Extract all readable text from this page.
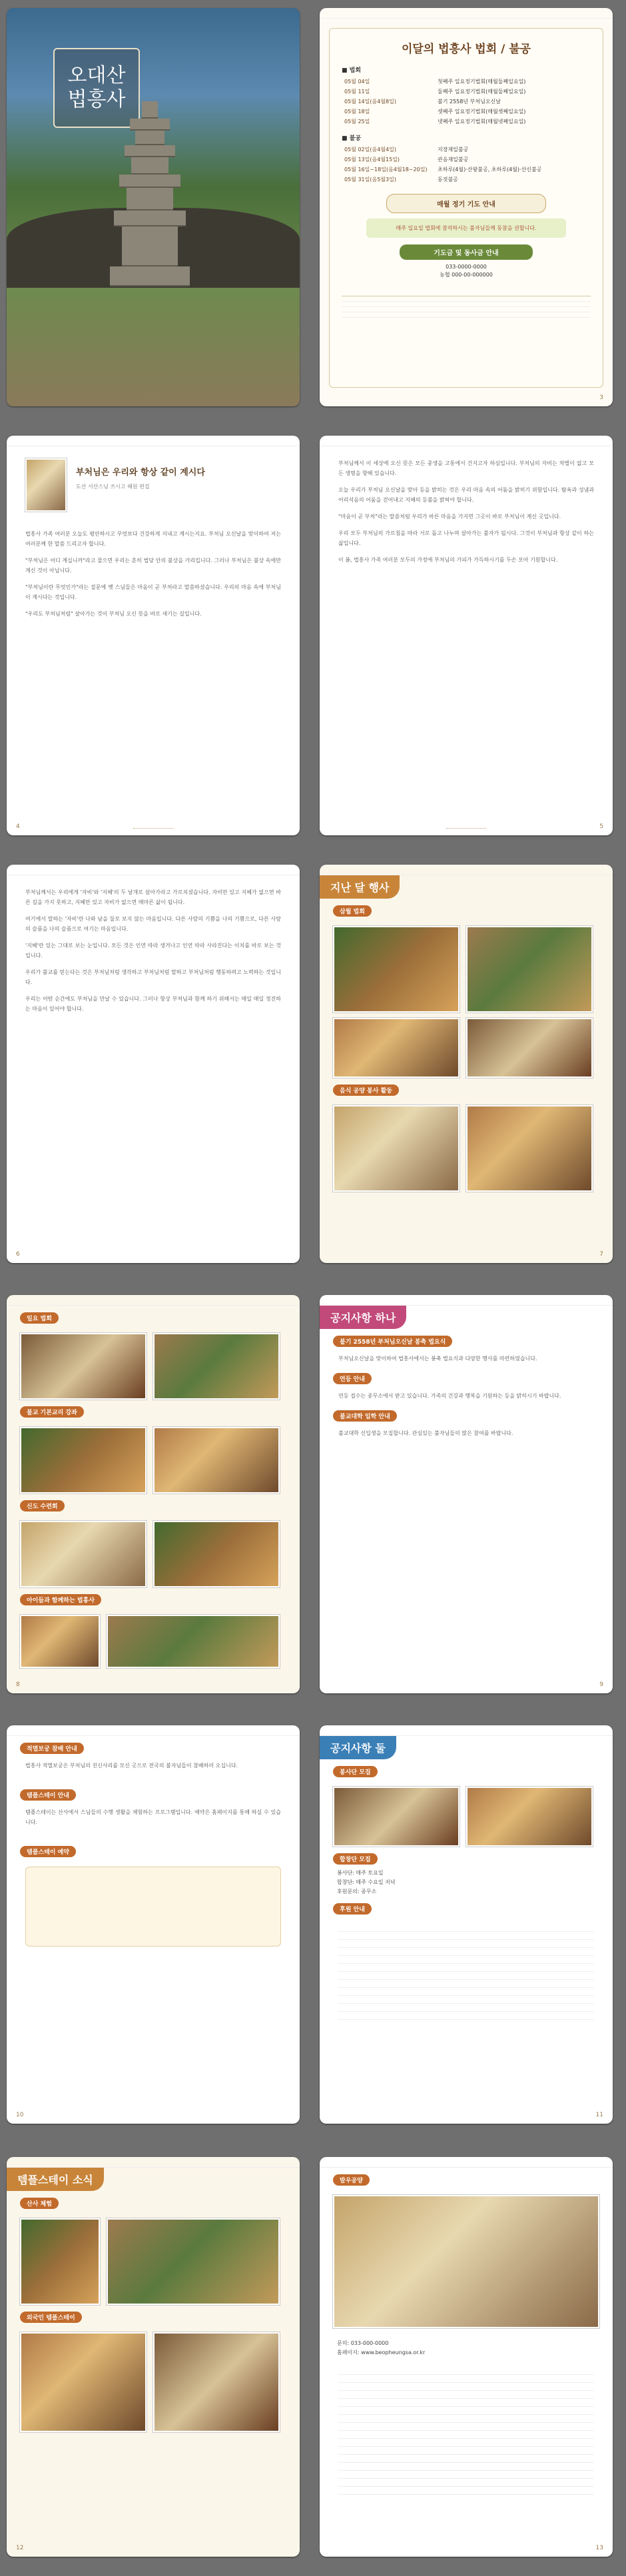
오대산
법흥사
이달의 법흥사 법회 / 불공
■ 법회
05월 04일	첫째주 일요정기법회(매월둘째일요일)
05월 11일	둘째주 일요정기법회(매월둘째일요일)
05월 14일(음4월8일)	불기 2558년 부처님오신날
05월 18일	셋째주 일요정기법회(매월셋째일요일)
05월 25일	넷째주 일요정기법회(매월넷째일요일)
■ 불공
05월 02일(음4월4일)	지장재일불공
05월 13일(음4월15일)	관음재일불공
05월 16일~18일(음4월18~20일)	초하루(4월)·산왕불공, 초하루(4월)·산신불공
05월 31일(음5월3일)	동짓불공
매월 정기 기도 안내
매주 일요일 법회에 참석하시는 불자님들께 동참을 권합니다.
기도금 및 동사금 안내
033-0000-0000
농협 000-00-000000
3
부처님은 우리와 항상 같이 계시다
도산 서산스님 쓰시고 혜원 편집

법흥사 가족 여러분 오늘도 평안하시고 무엇보다 건강하게 지내고 계시는지요. 부처님 오신날을 맞이하여 저는 여러분께 한 말씀 드리고자 합니다.

"부처님은 어디 계십니까"라고 물으면 우리는 흔히 법당 안의 불상을 가리킵니다. 그러나 부처님은 불상 속에만 계신 것이 아닙니다.

"부처님이란 무엇인가"라는 질문에 옛 스님들은 마음이 곧 부처라고 말씀하셨습니다. 우리의 마음 속에 부처님이 계시다는 것입니다.

"우리도 부처님처럼" 살아가는 것이 부처님 오신 뜻을 바로 새기는 길입니다.

4

부처님께서 이 세상에 오신 뜻은 모든 중생을 고통에서 건지고자 하심입니다. 부처님의 자비는 차별이 없고 모든 생명을 향해 있습니다.

오늘 우리가 부처님 오신날을 맞아 등을 밝히는 것은 우리 마음 속의 어둠을 밝히기 위함입니다. 탐욕과 성냄과 어리석음의 어둠을 걷어내고 지혜의 등불을 밝혀야 합니다.

"마음이 곧 부처"라는 말씀처럼 우리가 바른 마음을 가지면 그곳이 바로 부처님이 계신 곳입니다.

우리 모두 부처님의 가르침을 따라 서로 돕고 나누며 살아가는 불자가 됩시다. 그것이 부처님과 항상 같이 하는 삶입니다.

이 봄, 법흥사 가족 여러분 모두의 가정에 부처님의 가피가 가득하시기를 두손 모아 기원합니다.

5

부처님께서는 우리에게 '자비'와 '지혜'의 두 날개로 살아가라고 가르치셨습니다. 자비만 있고 지혜가 없으면 바른 길을 가지 못하고, 지혜만 있고 자비가 없으면 메마른 삶이 됩니다.

여기에서 말하는 '자비'란 나와 남을 둘로 보지 않는 마음입니다. 다른 사람의 기쁨을 나의 기쁨으로, 다른 사람의 슬픔을 나의 슬픔으로 여기는 마음입니다.

'지혜'란 있는 그대로 보는 눈입니다. 모든 것은 인연 따라 생겨나고 인연 따라 사라진다는 이치를 바로 보는 것입니다.

우리가 불교를 믿는다는 것은 부처님처럼 생각하고 부처님처럼 말하고 부처님처럼 행동하려고 노력하는 것입니다.

우리는 어떤 순간에도 부처님을 만날 수 있습니다. 그러나 항상 부처님과 함께 하기 위해서는 매일 매일 정진하는 마음이 있어야 합니다.

6
지난 달 행사
삼월 법회
음식 공양 봉사 활동
7
일요 법회
불교 기본교리 강좌
신도 수련회
아이들과 함께하는 법흥사
8
공지사항 하나
불기 2558년 부처님오신날 봉축 법요식
부처님오신날을 맞이하여 법흥사에서는 봉축 법요식과 다양한 행사를 마련하였습니다.
연등 안내
연등 접수는 종무소에서 받고 있습니다. 가족의 건강과 행복을 기원하는 등을 밝히시기 바랍니다.
불교대학 입학 안내
불교대학 신입생을 모집합니다. 관심있는 불자님들의 많은 참여를 바랍니다.
9
적멸보궁 참배 안내
법흥사 적멸보궁은 부처님의 진신사리를 모신 곳으로 전국의 불자님들이 참배하러 오십니다.
템플스테이 안내
템플스테이는 산사에서 스님들의 수행 생활을 체험하는 프로그램입니다. 예약은 홈페이지를 통해 하실 수 있습니다.
템플스테이 예약
10
공지사항 둘
봉사단 모집
합창단 모집
봉사단: 매주 토요일
합창단: 매주 수요일 저녁
후원문의: 종무소
후원 안내
11
템플스테이 소식
산사 체험
외국인 템플스테이
12
발우공양
문의: 033-000-0000
홈페이지: www.beopheungsa.or.kr
13
